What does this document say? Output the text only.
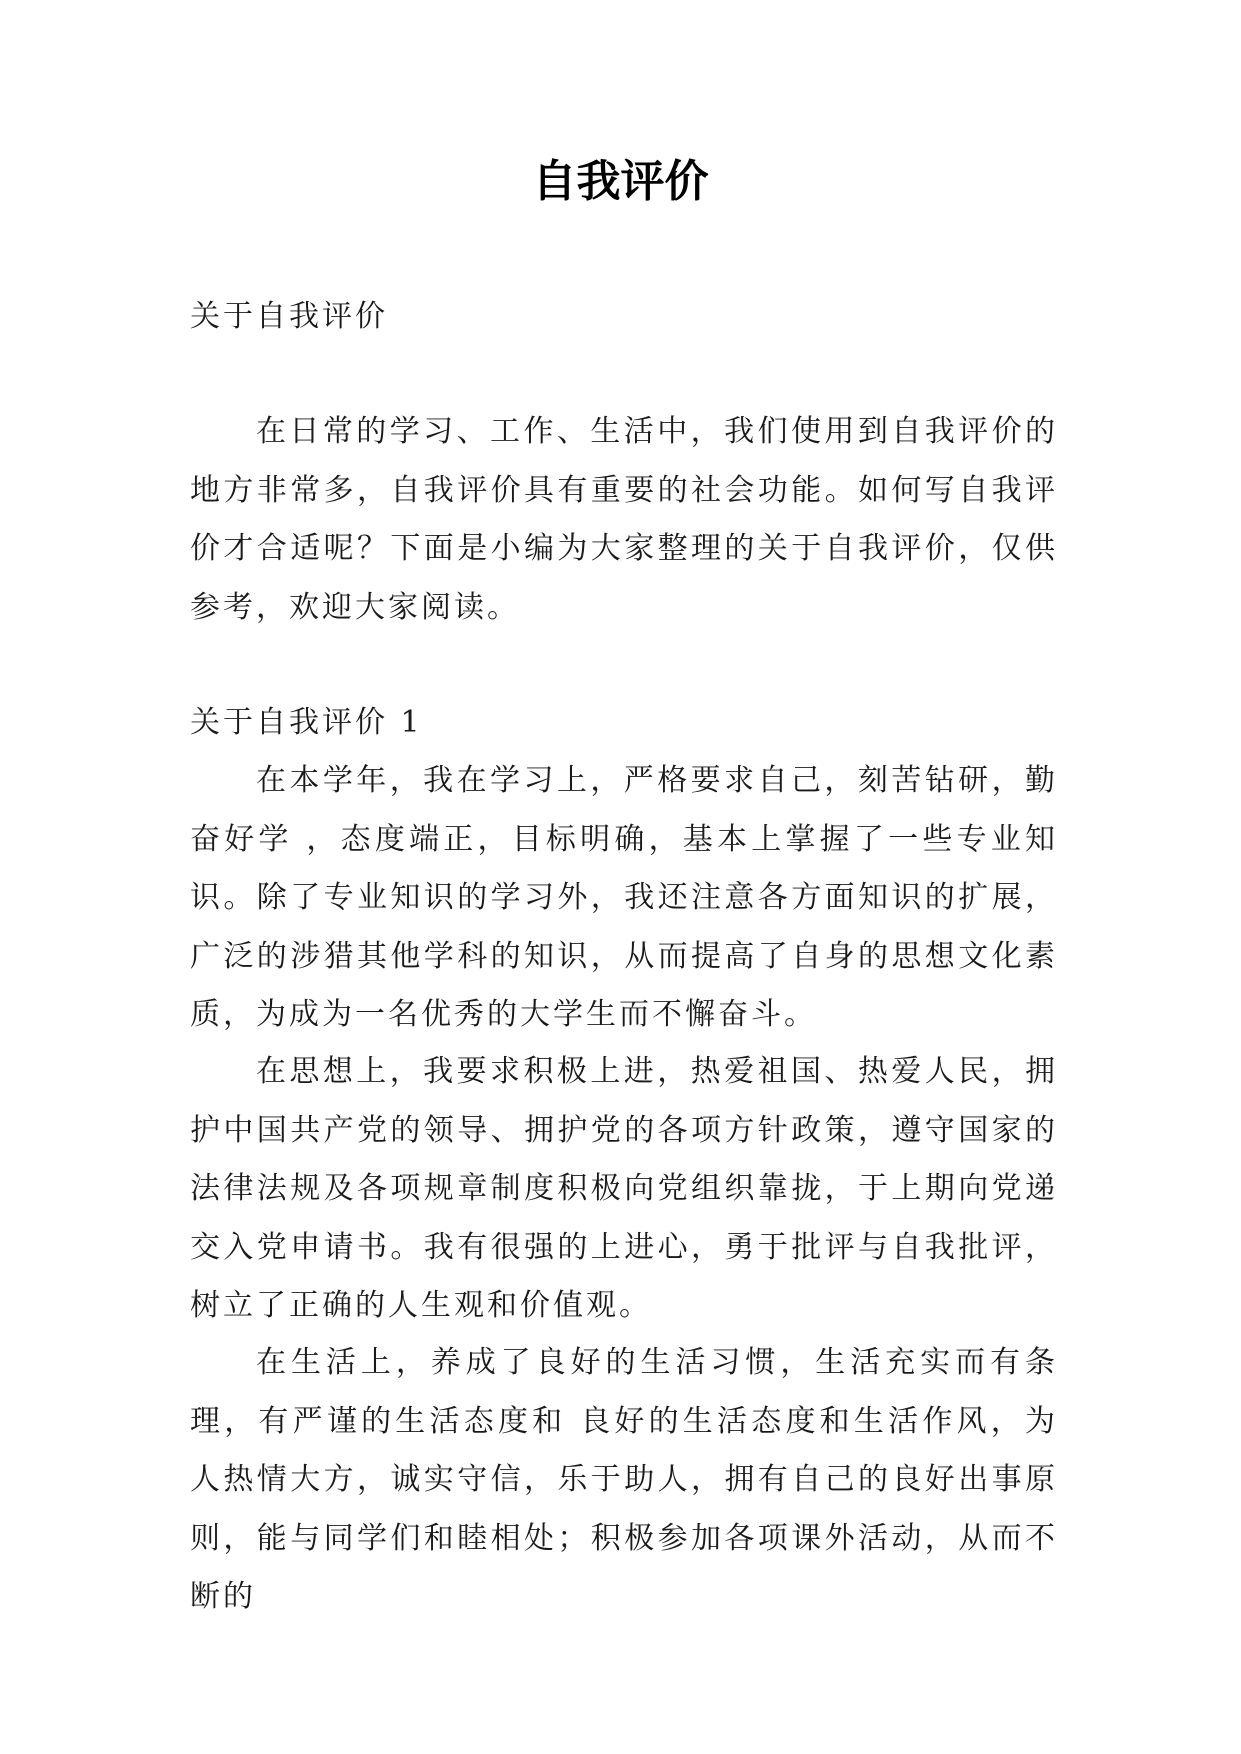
自我评价

关于自我评价

在日常的学习、工作、生活中，我们使用到自我评价的地方非常多，自我评价具有重要的社会功能。如何写自我评价才合适呢？下面是小编为大家整理的关于自我评价，仅供参考，欢迎大家阅读。

关于自我评价 1

在本学年，我在学习上，严格要求自己，刻苦钻研，勤奋好学 ，态度端正，目标明确，基本上掌握了一些专业知识。除了专业知识的学习外，我还注意各方面知识的扩展，广泛的涉猎其他学科的知识，从而提高了自身的思想文化素质，为成为一名优秀的大学生而不懈奋斗。

在思想上，我要求积极上进，热爱祖国、热爱人民，拥护中国共产党的领导、拥护党的各项方针政策，遵守国家的法律法规及各项规章制度积极向党组织靠拢，于上期向党递交入党申请书。我有很强的上进心，勇于批评与自我批评，树立了正确的人生观和价值观。

在生活上，养成了良好的生活习惯，生活充实而有条理，有严谨的生活态度和 良好的生活态度和生活作风，为人热情大方，诚实守信，乐于助人，拥有自己的良好出事原则，能与同学们和睦相处；积极参加各项课外活动，从而不断的
